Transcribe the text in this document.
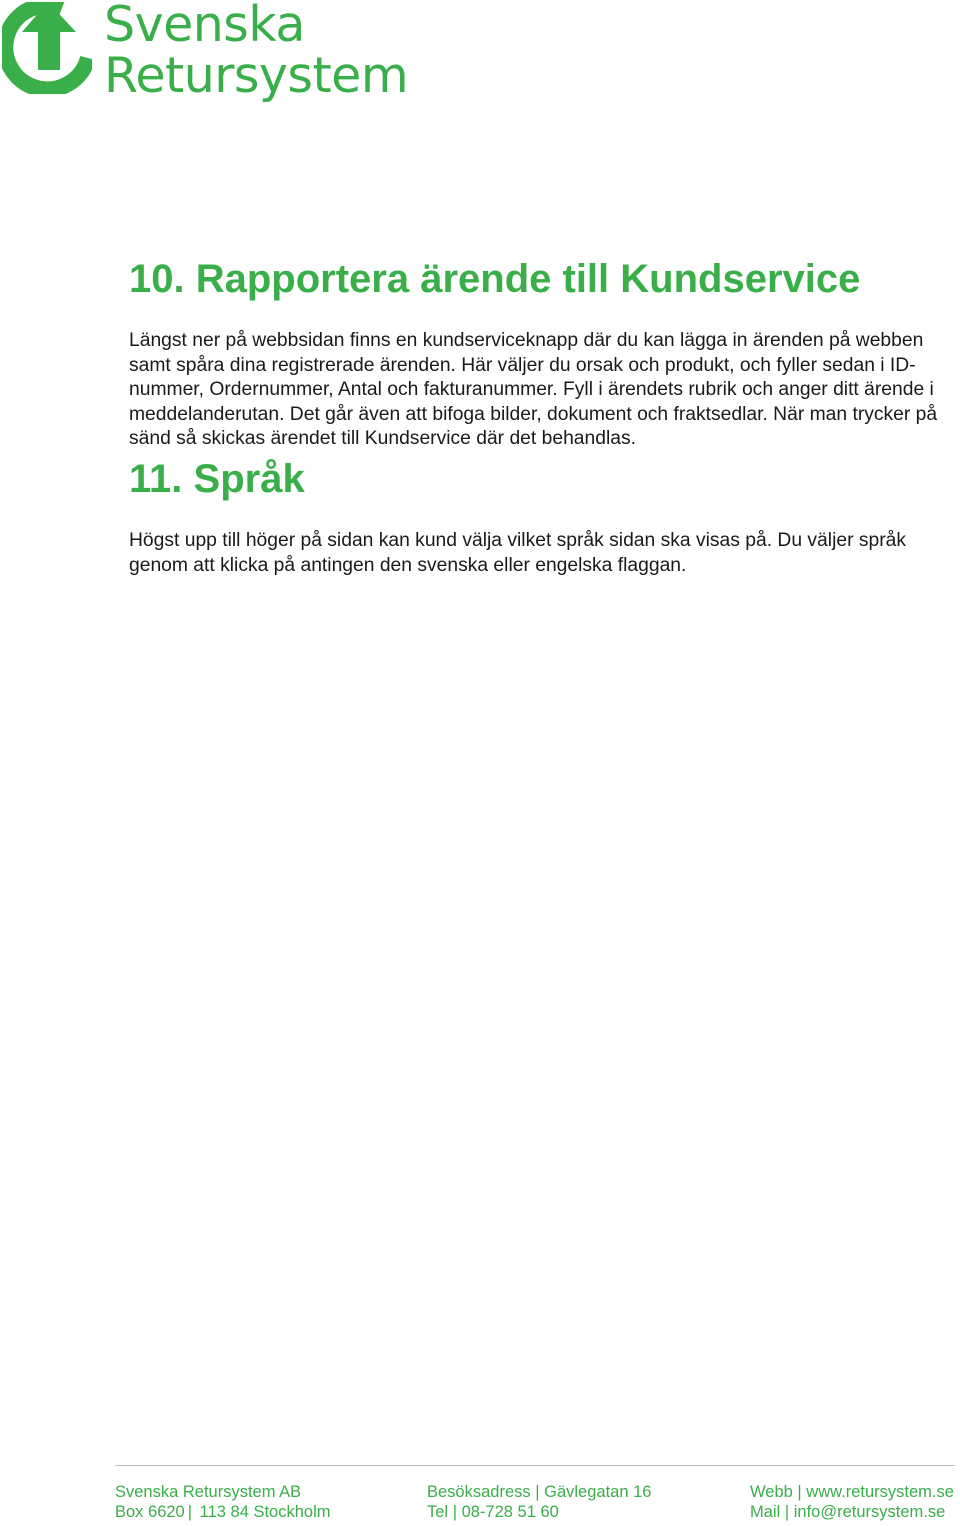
Svenska
Retursystem
10. Rapportera ärende till Kundservice

Längst ner på webbsidan finns en kundserviceknapp där du kan lägga in ärenden på webben samt spåra dina registrerade ärenden. Här väljer du orsak och produkt, och fyller sedan i ID-nummer, Ordernummer, Antal och fakturanummer. Fyll i ärendets rubrik och anger ditt ärende i meddelanderutan. Det går även att bifoga bilder, dokument och fraktsedlar. När man trycker på sänd så skickas ärendet till Kundservice där det behandlas.

11. Språk

Högst upp till höger på sidan kan kund välja vilket språk sidan ska visas på. Du väljer språk genom att klicka på antingen den svenska eller engelska flaggan.

Svenska Retursystem AB
Box 6620 | 113 84 Stockholm
Besöksadress | Gävlegatan 16
Tel | 08-728 51 60
Webb | www.retursystem.se
Mail | info@retursystem.se
